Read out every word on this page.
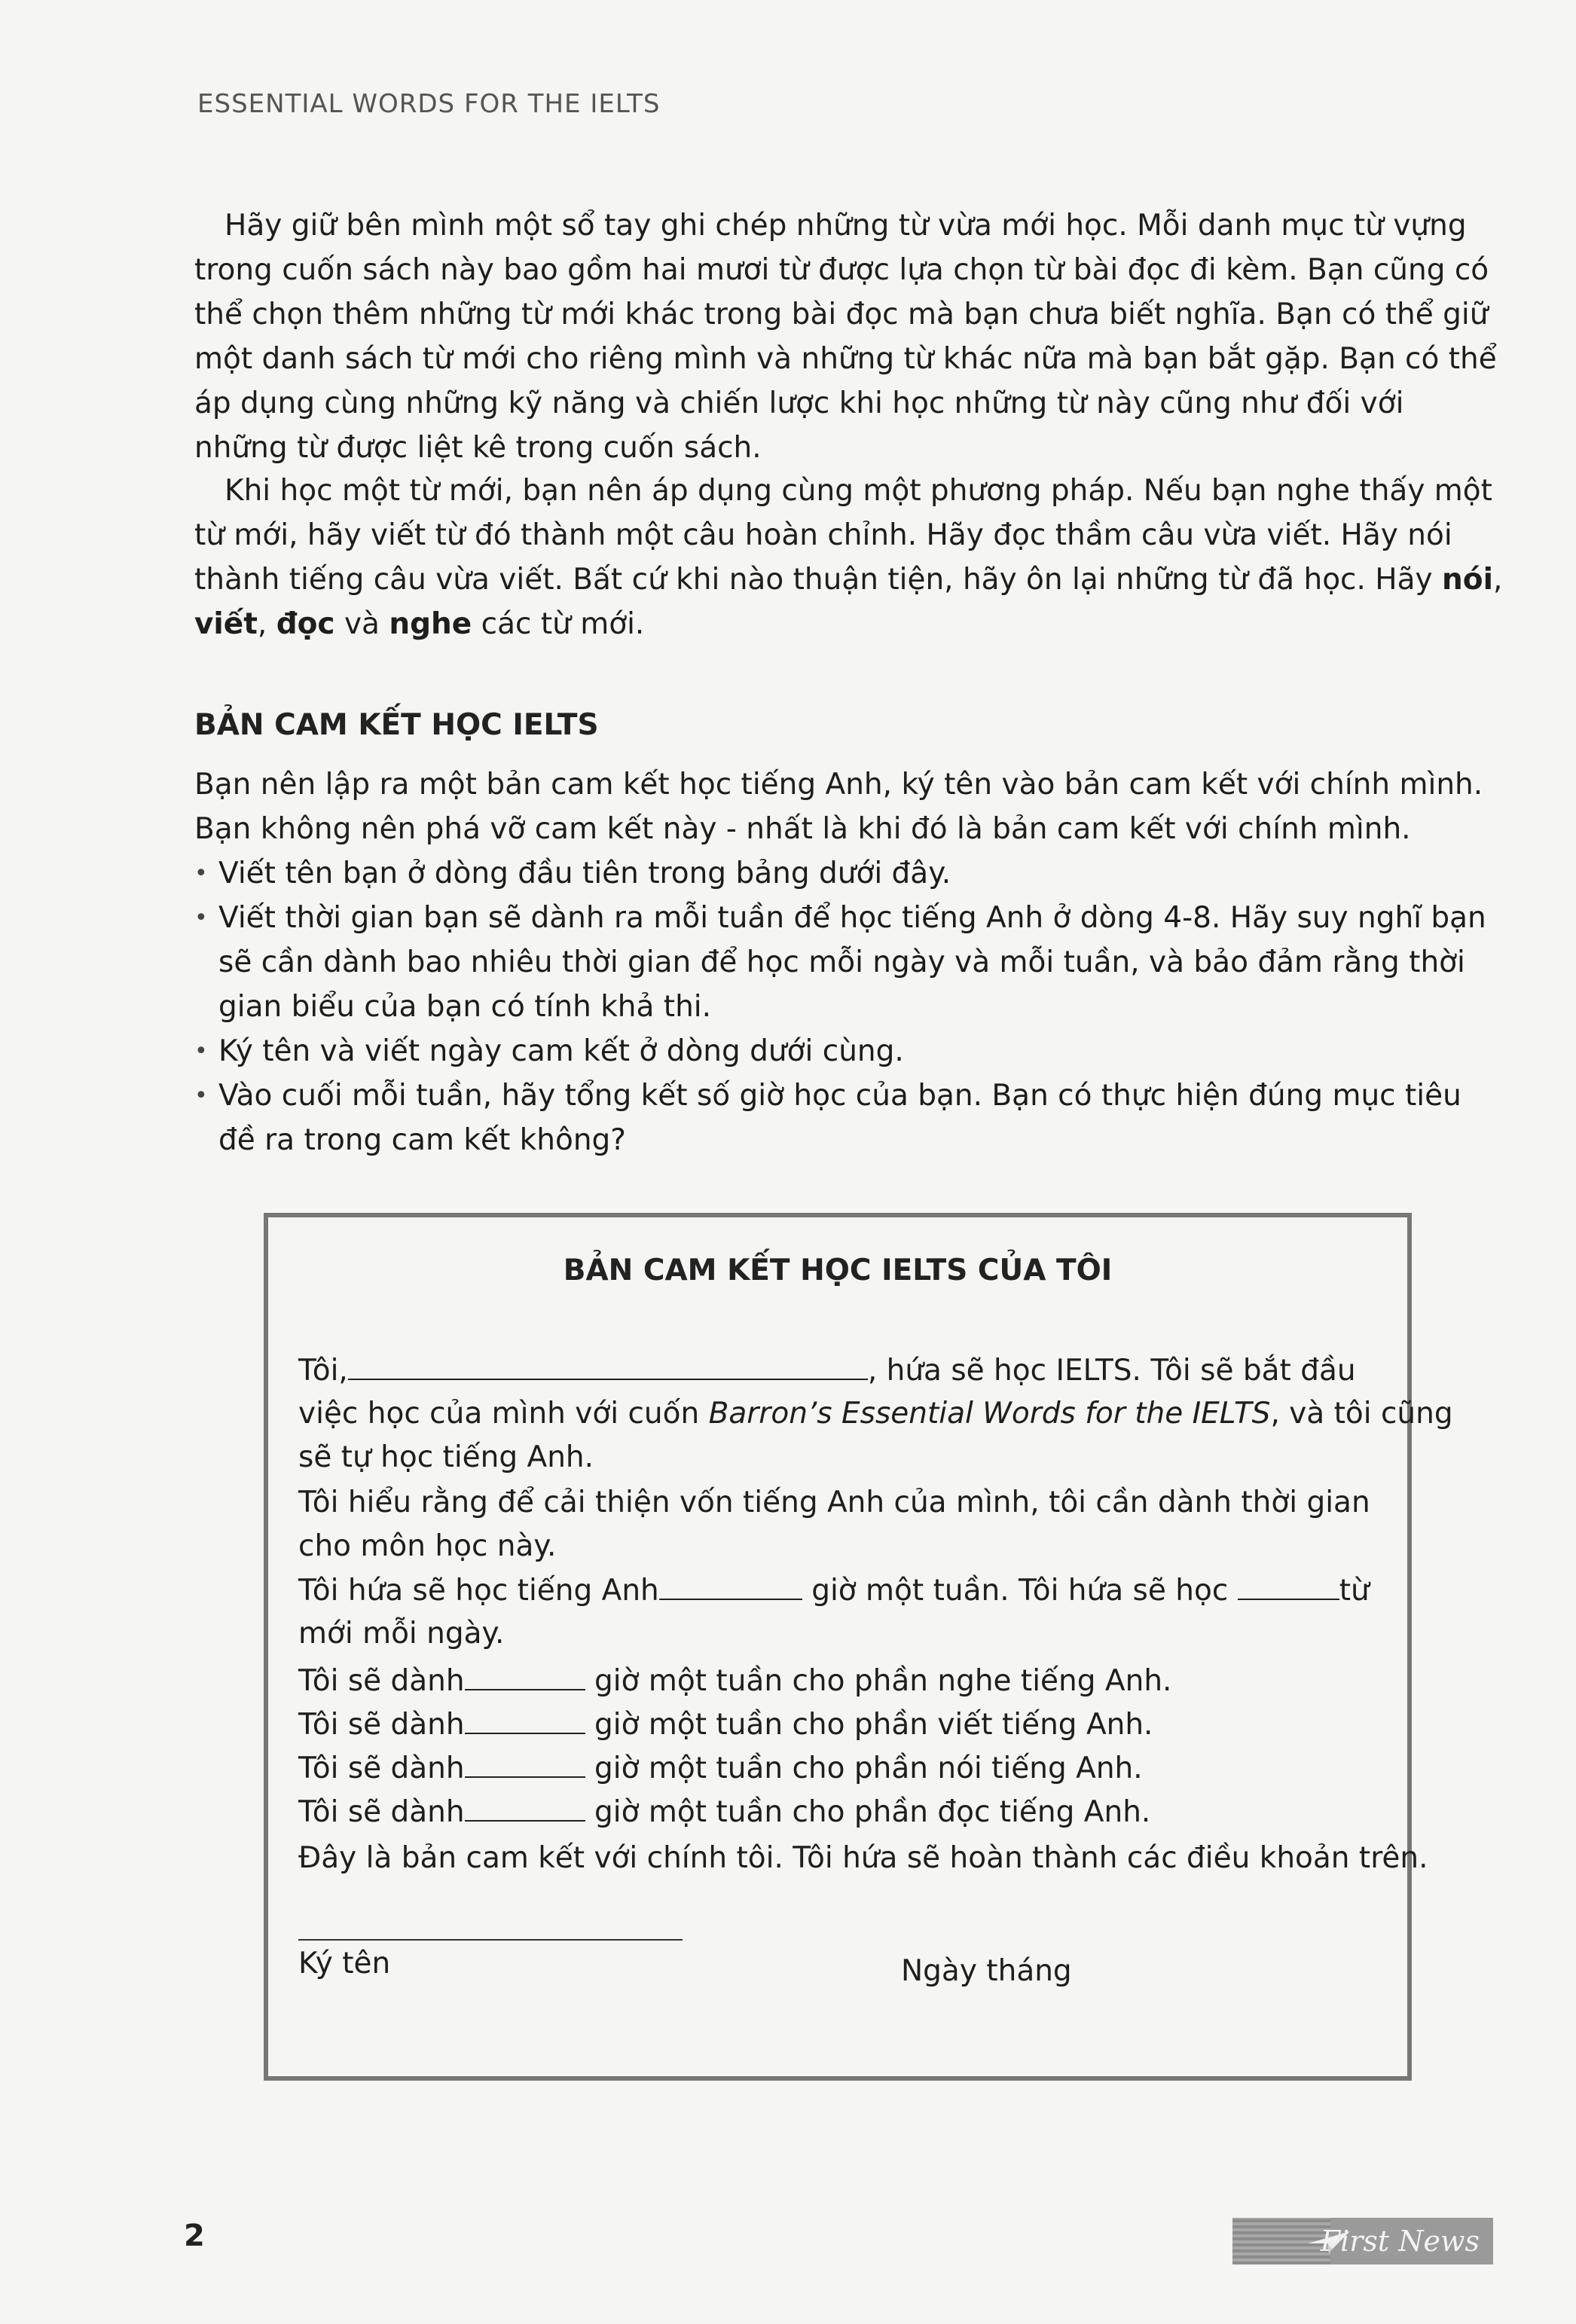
ESSENTIAL WORDS FOR THE IELTS

Hãy giữ bên mình một sổ tay ghi chép những từ vừa mới học. Mỗi danh mục từ vựng trong cuốn sách này bao gồm hai mươi từ được lựa chọn từ bài đọc đi kèm. Bạn cũng có thể chọn thêm những từ mới khác trong bài đọc mà bạn chưa biết nghĩa. Bạn có thể giữ một danh sách từ mới cho riêng mình và những từ khác nữa mà bạn bắt gặp. Bạn có thể áp dụng cùng những kỹ năng và chiến lược khi học những từ này cũng như đối với những từ được liệt kê trong cuốn sách.

Khi học một từ mới, bạn nên áp dụng cùng một phương pháp. Nếu bạn nghe thấy một từ mới, hãy viết từ đó thành một câu hoàn chỉnh. Hãy đọc thầm câu vừa viết. Hãy nói thành tiếng câu vừa viết. Bất cứ khi nào thuận tiện, hãy ôn lại những từ đã học. Hãy nói, viết, đọc và nghe các từ mới.

BẢN CAM KẾT HỌC IELTS

Bạn nên lập ra một bản cam kết học tiếng Anh, ký tên vào bản cam kết với chính mình. Bạn không nên phá vỡ cam kết này - nhất là khi đó là bản cam kết với chính mình.

• Viết tên bạn ở dòng đầu tiên trong bảng dưới đây.
• Viết thời gian bạn sẽ dành ra mỗi tuần để học tiếng Anh ở dòng 4-8. Hãy suy nghĩ bạn sẽ cần dành bao nhiêu thời gian để học mỗi ngày và mỗi tuần, và bảo đảm rằng thời gian biểu của bạn có tính khả thi.
• Ký tên và viết ngày cam kết ở dòng dưới cùng.
• Vào cuối mỗi tuần, hãy tổng kết số giờ học của bạn. Bạn có thực hiện đúng mục tiêu đề ra trong cam kết không?
BẢN CAM KẾT HỌC IELTS CỦA TÔI
Tôi,	, hứa sẽ học IELTS. Tôi sẽ bắt đầu
việc học của mình với cuốn Barron’s Essential Words for the IELTS, và tôi cũng
sẽ tự học tiếng Anh.
Tôi hiểu rằng để cải thiện vốn tiếng Anh của mình, tôi cần dành thời gian
cho môn học này.
Tôi hứa sẽ học tiếng Anh	giờ một tuần. Tôi hứa sẽ học	từ
mới mỗi ngày.
Tôi sẽ dành	giờ một tuần cho phần nghe tiếng Anh.
Tôi sẽ dành	giờ một tuần cho phần viết tiếng Anh.
Tôi sẽ dành	giờ một tuần cho phần nói tiếng Anh.
Tôi sẽ dành	giờ một tuần cho phần đọc tiếng Anh.
Đây là bản cam kết với chính tôi. Tôi hứa sẽ hoàn thành các điều khoản trên.
Ký tên	Ngày tháng
2	First News
